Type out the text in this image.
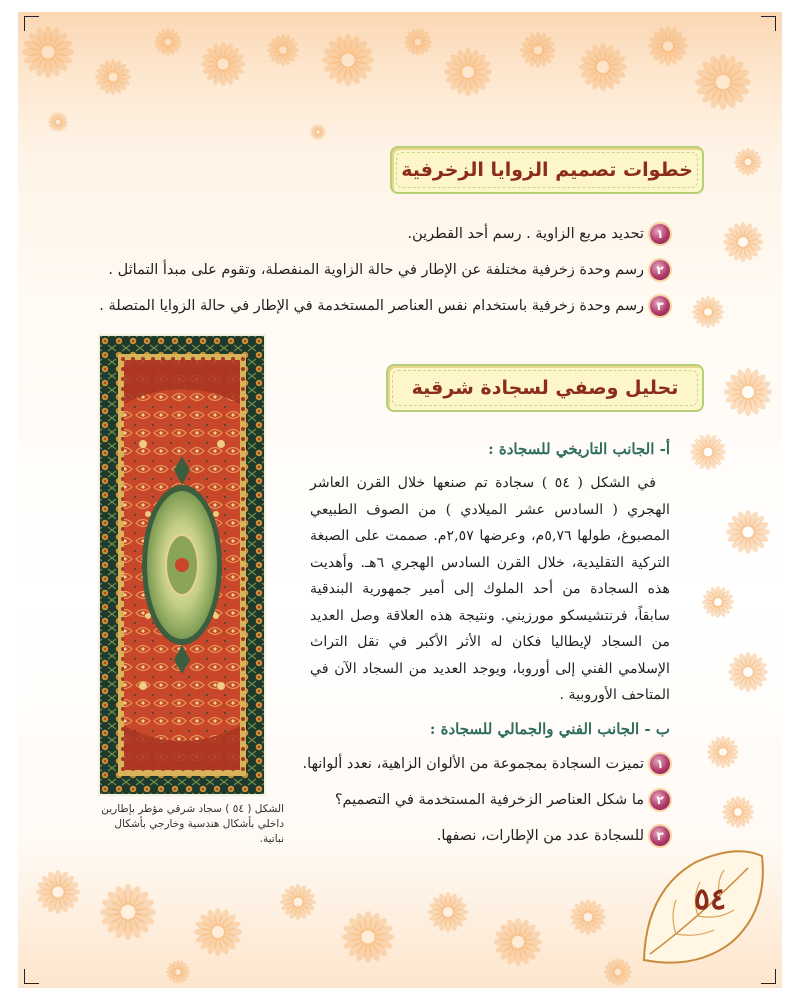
خطوات تصميم الزوايا الزخرفية
١
تحديد مربع الزاوية . رسم أحد القطرين.
٢
رسم وحدة زخرفية مختلفة عن الإطار في حالة الزاوية المنفصلة، وتقوم على مبدأ التماثل .
٣
رسم وحدة زخرفية باستخدام نفس العناصر المستخدمة في الإطار في حالة الزوايا المتصلة .
الشكل ( ٥٤ ) سجاد شرقي مؤطر بإطارين داخلي بأشكال هندسية وخارجي بأشكال نباتية.
تحليل وصفي لسجادة شرقية
أ- الجانب التاريخي للسجادة :
في الشكل ( ٥٤ ) سجادة تم صنعها خلال القرن العاشر الهجري ( السادس عشر الميلادي ) من الصوف الطبيعي المصبوغ، طولها ٥,٧٦م، وعرضها ٢,٥٧م. صممت على الصبغة التركية التقليدية، خلال القرن السادس الهجري ٦هـ. وأهديت هذه السجادة من أحد الملوك إلى أمير جمهورية البندقية سابقاً، فرنتشيسكو مورزيني. ونتيجة هذه العلاقة وصل العديد من السجاد لإيطاليا فكان له الأثر الأكبر في نقل التراث الإسلامي الفني إلى أوروبا، ويوجد العديد من السجاد الآن في المتاحف الأوروبية .
ب - الجانب الفني والجمالي للسجادة :
١
تميزت السجادة بمجموعة من الألوان الزاهية، نعدد ألوانها.
٢
ما شكل العناصر الزخرفية المستخدمة في التصميم؟
٣
للسجادة عدد من الإطارات، نصفها.
٥٤
